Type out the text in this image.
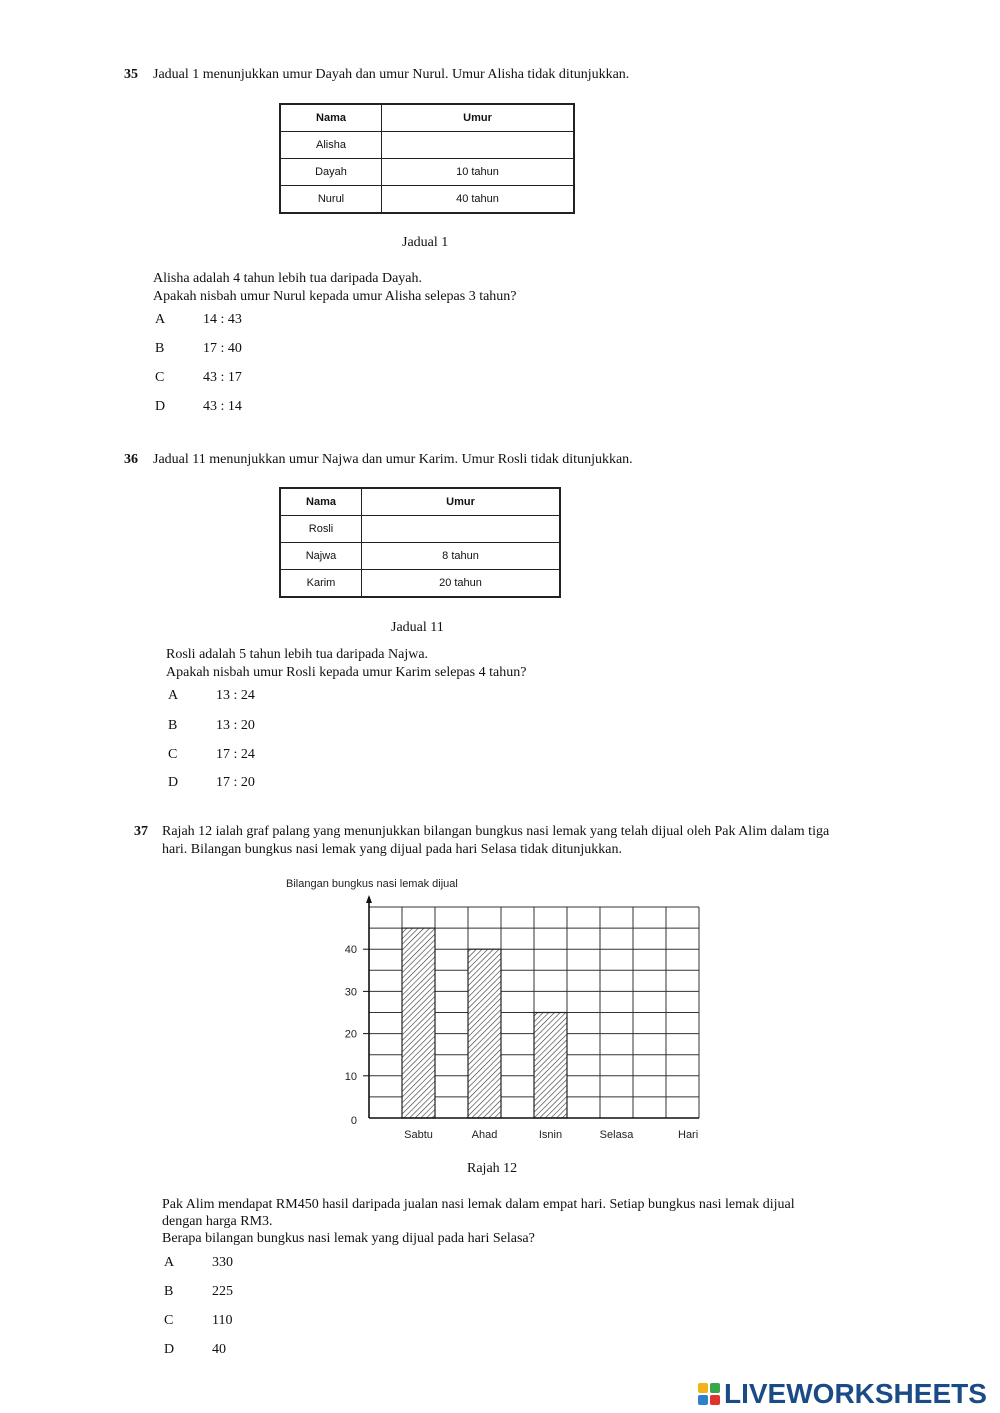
35 Jadual 1 menunjukkan umur Dayah dan umur Nurul. Umur Alisha tidak ditunjukkan.
Nama	Umur
Alisha	
Dayah	10 tahun
Nurul	40 tahun
Jadual 1
Alisha adalah 4 tahun lebih tua daripada Dayah.
Apakah nisbah umur Nurul kepada umur Alisha selepas 3 tahun?
A	14 : 43
B	17 : 40
C	43 : 17
D	43 : 14
36 Jadual 11 menunjukkan umur Najwa dan umur Karim. Umur Rosli tidak ditunjukkan.
Nama	Umur
Rosli	
Najwa	8 tahun
Karim	20 tahun
Jadual 11
Rosli adalah 5 tahun lebih tua daripada Najwa.
Apakah nisbah umur Rosli kepada umur Karim selepas 4 tahun?
A	13 : 24
B	13 : 20
C	17 : 24
D	17 : 20
37 Rajah 12 ialah graf palang yang menunjukkan bilangan bungkus nasi lemak yang telah dijual oleh Pak Alim dalam tiga
hari. Bilangan bungkus nasi lemak yang dijual pada hari Selasa tidak ditunjukkan.
Sabtu	Ahad	Isnin	Selasa
0
10
20
30
40
Bilangan bungkus nasi lemak dijual
Hari
Rajah 12
Pak Alim mendapat RM450 hasil daripada jualan nasi lemak dalam empat hari. Setiap bungkus nasi lemak dijual
dengan harga RM3.
Berapa bilangan bungkus nasi lemak yang dijual pada hari Selasa?
A	330
B	225
C	110
D	40
LIVEWORKSHEETS
